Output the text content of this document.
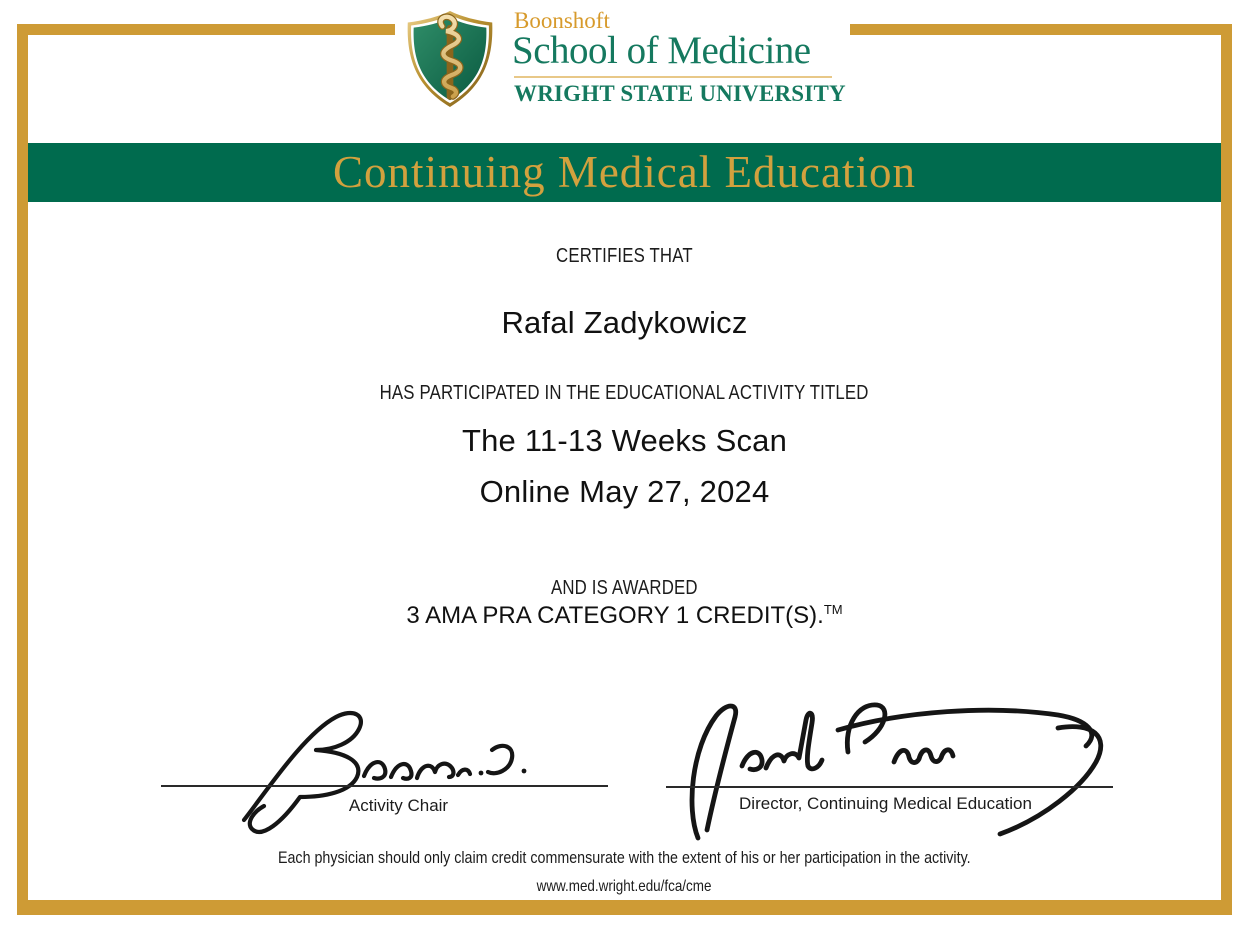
Boonshoft
School of Medicine
WRIGHT STATE UNIVERSITY
Continuing Medical Education
CERTIFIES THAT
Rafal Zadykowicz
HAS PARTICIPATED IN THE EDUCATIONAL ACTIVITY TITLED
The 11-13 Weeks Scan
Online May 27, 2024
AND IS AWARDED
3 AMA PRA CATEGORY 1 CREDIT(S).™
Activity Chair	Director, Continuing Medical Education
Each physician should only claim credit commensurate with the extent of his or her participation in the activity.
www.med.wright.edu/fca/cme
